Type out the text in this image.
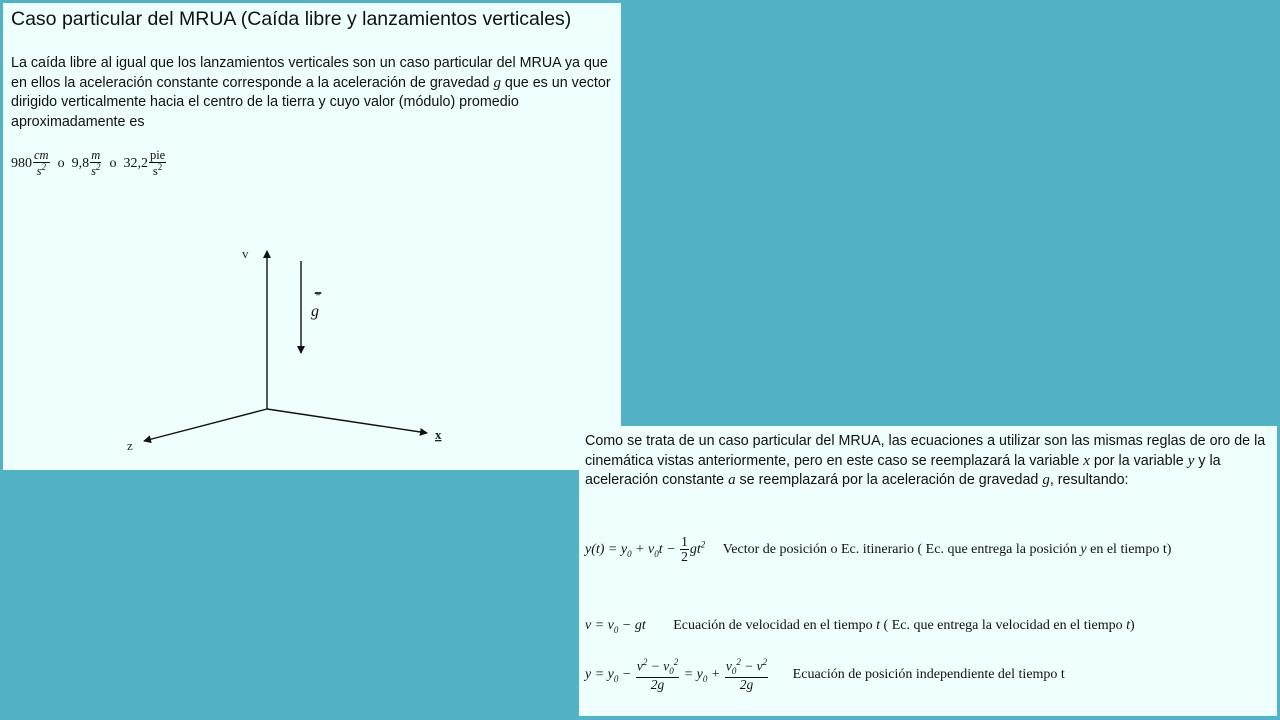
Caso particular del MRUA (Caída libre y lanzamientos verticales)
La caída libre al igual que los lanzamientos verticales son un caso particular del MRUA ya que en ellos la aceleración constante corresponde a la aceleración de gravedad g que es un vector dirigido verticalmente hacia el centro de la tierra y cuyo valor (módulo) promedio aproximadamente es
$980 \frac{cm}{s^2}$ o $9,8 \frac{m}{s^2}$ o $32,2 \frac{\text{pie}}{s^2}$
v
x
z
g
Como se trata de un caso particular del MRUA, las ecuaciones a utilizar son las mismas reglas de oro de la cinemática vistas anteriormente, pero en este caso se reemplazará la variable x por la variable y y la aceleración constante a se reemplazará por la aceleración de gravedad g, resultando:
$y(t) = y_0 + v_0t - \frac{1}{2} gt^2$ Vector de posición o Ec. itinerario ( Ec. que entrega la posición y en el tiempo t)
$v = v_0$ − gt Ecuación de velocidad en el tiempo t ( Ec. que entrega la velocidad en el tiempo t)
$y = y_0 - \frac{v^2 - v_0^2}{2g} = y_0 + \frac{v_0^2 - v^2}{2g}$ Ecuación de posición independiente del tiempo t
